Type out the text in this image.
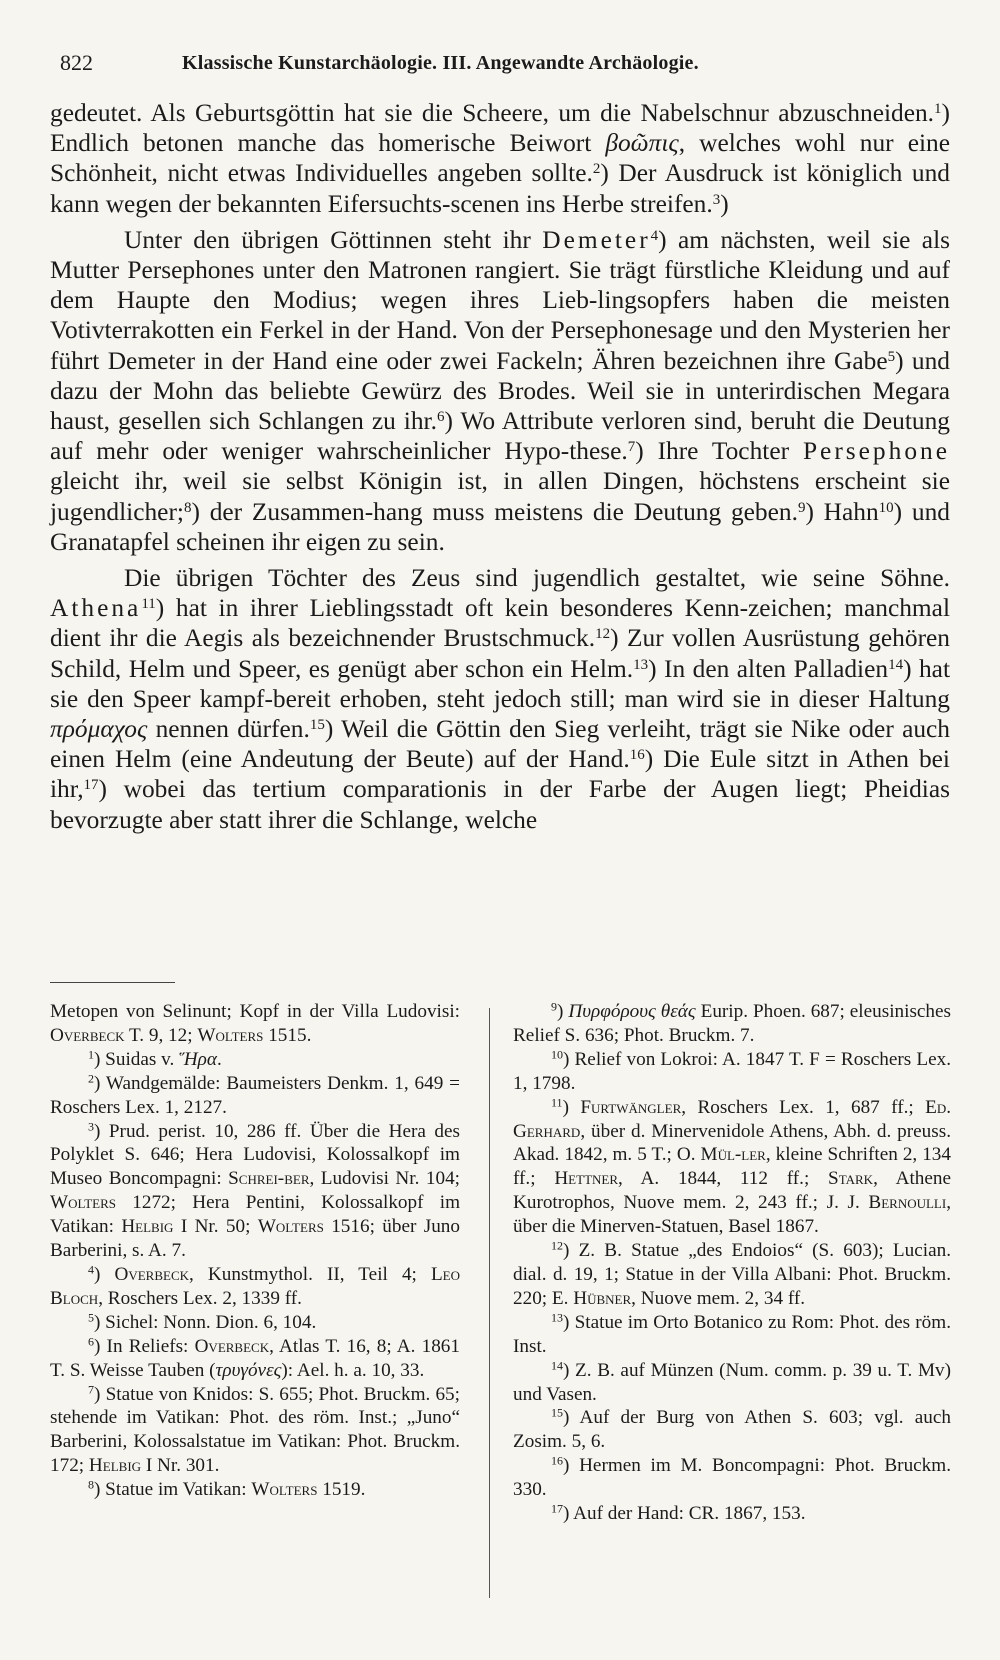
822	Klassische Kunstarchäologie. III. Angewandte Archäologie.

gedeutet. Als Geburtsgöttin hat sie die Scheere, um die Nabelschnur abzuschneiden.$^1$) Endlich betonen manche das homerische Beiwort βοῶπις, welches wohl nur eine Schönheit, nicht etwas Individuelles angeben sollte.$^2$) Der Ausdruck ist königlich und kann wegen der bekannten Eifersuchts-scenen ins Herbe streifen.$^3$)

Unter den übrigen Göttinnen steht ihr Demeter$^4$) am nächsten, weil sie als Mutter Persephones unter den Matronen rangiert. Sie trägt fürstliche Kleidung und auf dem Haupte den Modius; wegen ihres Lieb-lingsopfers haben die meisten Votivterrakotten ein Ferkel in der Hand. Von der Persephonesage und den Mysterien her führt Demeter in der Hand eine oder zwei Fackeln; Ähren bezeichnen ihre Gabe$^5$) und dazu der Mohn das beliebte Gewürz des Brodes. Weil sie in unterirdischen Megara haust, gesellen sich Schlangen zu ihr.$^6$) Wo Attribute verloren sind, beruht die Deutung auf mehr oder weniger wahrscheinlicher Hypo-these.$^7$) Ihre Tochter Persephone gleicht ihr, weil sie selbst Königin ist, in allen Dingen, höchstens erscheint sie jugendlicher;$^8$) der Zusammen-hang muss meistens die Deutung geben.$^9$) Hahn$^{10}$) und Granatapfel scheinen ihr eigen zu sein.

Die übrigen Töchter des Zeus sind jugendlich gestaltet, wie seine Söhne. Athena$^{11}$) hat in ihrer Lieblingsstadt oft kein besonderes Kenn-zeichen; manchmal dient ihr die Aegis als bezeichnender Brustschmuck.$^{12}$) Zur vollen Ausrüstung gehören Schild, Helm und Speer, es genügt aber schon ein Helm.$^{13}$) In den alten Palladien$^{14}$) hat sie den Speer kampf-bereit erhoben, steht jedoch still; man wird sie in dieser Haltung πρόμαχος nennen dürfen.$^{15}$) Weil die Göttin den Sieg verleiht, trägt sie Nike oder auch einen Helm (eine Andeutung der Beute) auf der Hand.$^{16}$) Die Eule sitzt in Athen bei ihr,$^{17}$) wobei das tertium comparationis in der Farbe der Augen liegt; Pheidias bevorzugte aber statt ihrer die Schlange, welche

Metopen von Selinunt; Kopf in der Villa Ludovisi: Overbeck T. 9, 12; Wolters 1515.

$^1$) Suidas v. Ἥρα.

$^2$) Wandgemälde: Baumeisters Denkm. 1, 649 = Roschers Lex. 1, 2127.

$^3$) Prud. perist. 10, 286 ff. Über die Hera des Polyklet S. 646; Hera Ludovisi, Kolossalkopf im Museo Boncompagni: Schrei-ber, Ludovisi Nr. 104; Wolters 1272; Hera Pentini, Kolossalkopf im Vatikan: Helbig I Nr. 50; Wolters 1516; über Juno Barberini, s. A. 7.

$^4$) Overbeck, Kunstmythol. II, Teil 4; Leo Bloch, Roschers Lex. 2, 1339 ff.

$^5$) Sichel: Nonn. Dion. 6, 104.

$^6$) In Reliefs: Overbeck, Atlas T. 16, 8; A. 1861 T. S. Weisse Tauben (τρυγόνες): Ael. h. a. 10, 33.

$^7$) Statue von Knidos: S. 655; Phot. Bruckm. 65; stehende im Vatikan: Phot. des röm. Inst.; „Juno“ Barberini, Kolossalstatue im Vatikan: Phot. Bruckm. 172; Helbig I Nr. 301.

$^8$) Statue im Vatikan: Wolters 1519.

$^9$) Πυρφόρους θεάς Eurip. Phoen. 687; eleusinisches Relief S. 636; Phot. Bruckm. 7.

$^{10}$) Relief von Lokroi: A. 1847 T. F = Roschers Lex. 1, 1798.

$^{11}$) Furtwängler, Roschers Lex. 1, 687 ff.; Ed. Gerhard, über d. Minervenidole Athens, Abh. d. preuss. Akad. 1842, m. 5 T.; O. Mül-ler, kleine Schriften 2, 134 ff.; Hettner, A. 1844, 112 ff.; Stark, Athene Kurotrophos, Nuove mem. 2, 243 ff.; J. J. Bernoulli, über die Minerven-Statuen, Basel 1867.

$^{12}$) Z. B. Statue „des Endoios“ (S. 603); Lucian. dial. d. 19, 1; Statue in der Villa Albani: Phot. Bruckm. 220; E. Hübner, Nuove mem. 2, 34 ff.

$^{13}$) Statue im Orto Botanico zu Rom: Phot. des röm. Inst.

$^{14}$) Z. B. auf Münzen (Num. comm. p. 39 u. T. Mv) und Vasen.

$^{15}$) Auf der Burg von Athen S. 603; vgl. auch Zosim. 5, 6.

$^{16}$) Hermen im M. Boncompagni: Phot. Bruckm. 330.

$^{17}$) Auf der Hand: CR. 1867, 153.
